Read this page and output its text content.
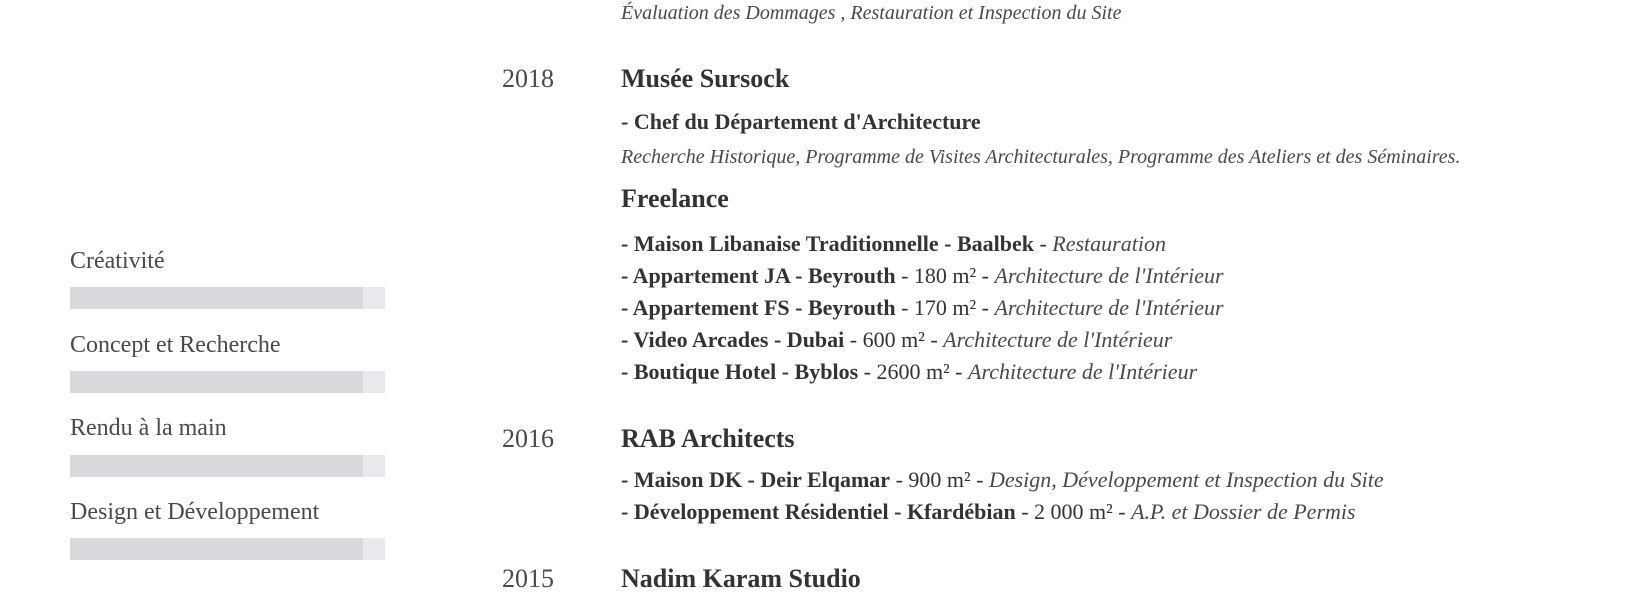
Évaluation des Dommages , Restauration et Inspection du Site
Créativité
Concept et Recherche
Rendu à la main
Design et Développement
2018	Musée Sursock
- Chef du Département d'Architecture
Recherche Historique, Programme de Visites Architecturales, Programme des Ateliers et des Séminaires.
Freelance
- Maison Libanaise Traditionnelle - Baalbek - Restauration
- Appartement JA - Beyrouth - 180 m² - Architecture de l'Intérieur
- Appartement FS - Beyrouth - 170 m² - Architecture de l'Intérieur
- Video Arcades - Dubai - 600 m² - Architecture de l'Intérieur
- Boutique Hotel - Byblos - 2600 m² - Architecture de l'Intérieur
2016	RAB Architects
- Maison DK - Deir Elqamar - 900 m² - Design, Développement et Inspection du Site
- Développement Résidentiel - Kfardébian - 2 000 m² - A.P. et Dossier de Permis
2015	Nadim Karam Studio
